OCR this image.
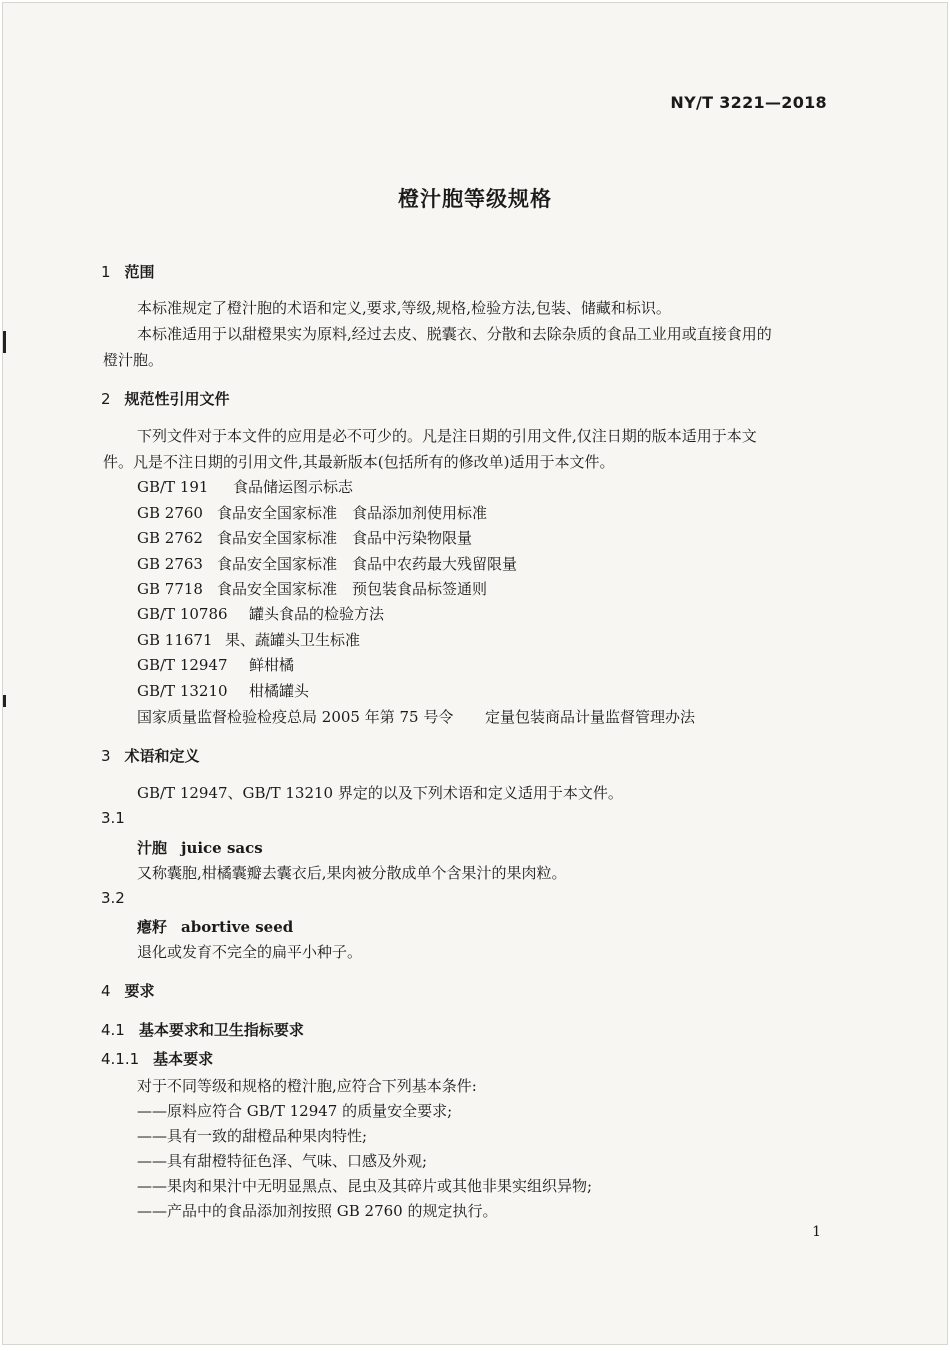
NY/T 3221—2018
橙汁胞等级规格
1 范围
本标准规定了橙汁胞的术语和定义,要求,等级,规格,检验方法,包装、储藏和标识。
本标准适用于以甜橙果实为原料,经过去皮、脱囊衣、分散和去除杂质的食品工业用或直接食用的
橙汁胞。
2 规范性引用文件
下列文件对于本文件的应用是必不可少的。凡是注日期的引用文件,仅注日期的版本适用于本文
件。凡是不注日期的引用文件,其最新版本(包括所有的修改单)适用于本文件。
GB/T 191 食品储运图示标志
GB 2760 食品安全国家标准　食品添加剂使用标准
GB 2762 食品安全国家标准　食品中污染物限量
GB 2763 食品安全国家标准　食品中农药最大残留限量
GB 7718 食品安全国家标准　预包装食品标签通则
GB/T 10786 罐头食品的检验方法
GB 11671 果、蔬罐头卫生标准
GB/T 12947 鲜柑橘
GB/T 13210 柑橘罐头
国家质量监督检验检疫总局 2005 年第 75 号令 定量包装商品计量监督管理办法
3 术语和定义
GB/T 12947、GB/T 13210 界定的以及下列术语和定义适用于本文件。
3.1
汁胞 juice sacs
又称囊胞,柑橘囊瓣去囊衣后,果肉被分散成单个含果汁的果肉粒。
3.2
瘪籽 abortive seed
退化或发育不完全的扁平小种子。
4 要求
4.1 基本要求和卫生指标要求
4.1.1 基本要求
对于不同等级和规格的橙汁胞,应符合下列基本条件:
——原料应符合 GB/T 12947 的质量安全要求;
——具有一致的甜橙品种果肉特性;
——具有甜橙特征色泽、气味、口感及外观;
——果肉和果汁中无明显黑点、昆虫及其碎片或其他非果实组织异物;
——产品中的食品添加剂按照 GB 2760 的规定执行。
1
